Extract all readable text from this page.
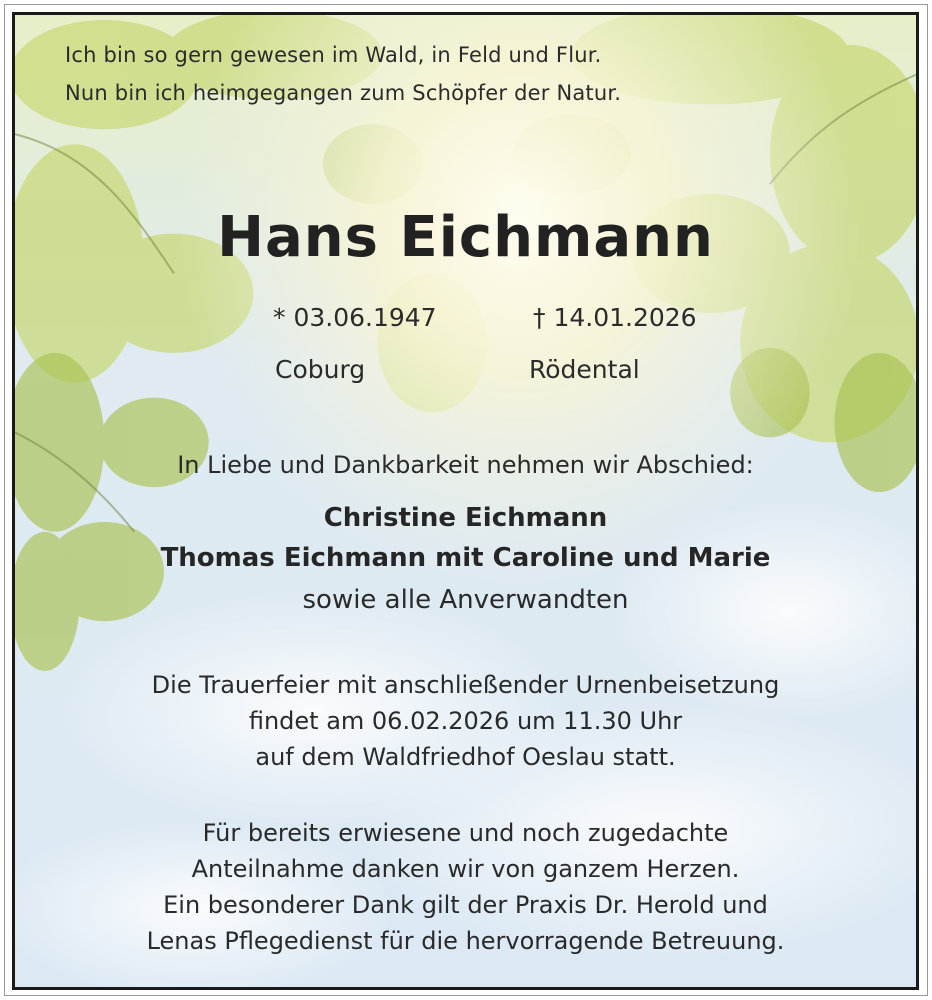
Ich bin so gern gewesen im Wald, in Feld und Flur.
Nun bin ich heimgegangen zum Schöpfer der Natur.
Hans Eichmann
* 03.06.1947	† 14.01.2026
Coburg	Rödental
In Liebe und Dankbarkeit nehmen wir Abschied:
Christine Eichmann
Thomas Eichmann mit Caroline und Marie
sowie alle Anverwandten
Die Trauerfeier mit anschließender Urnenbeisetzung
findet am 06.02.2026 um 11.30 Uhr
auf dem Waldfriedhof Oeslau statt.
Für bereits erwiesene und noch zugedachte
Anteilnahme danken wir von ganzem Herzen.
Ein besonderer Dank gilt der Praxis Dr. Herold und
Lenas Pflegedienst für die hervorragende Betreuung.
